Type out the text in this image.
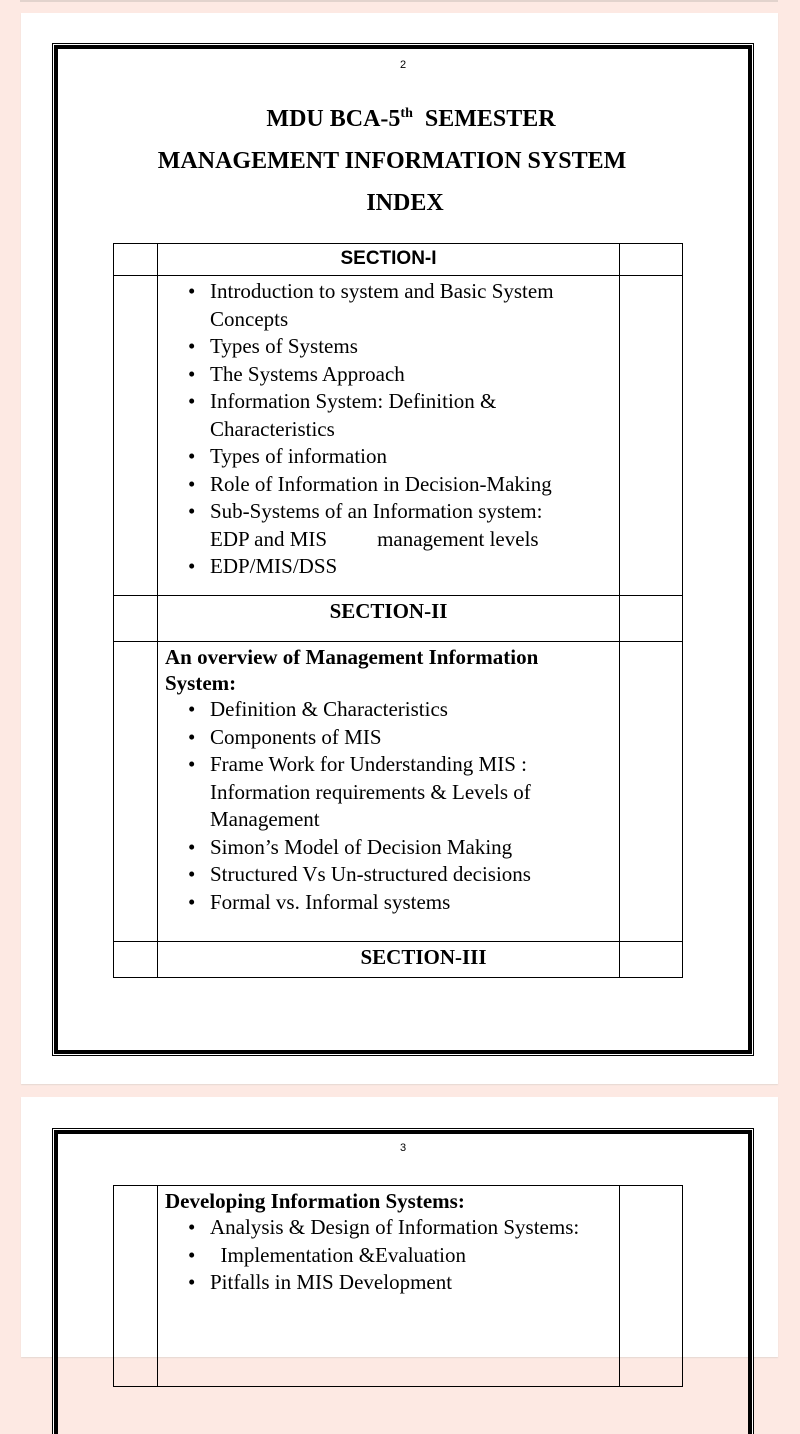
2
MDU BCA-5th  SEMESTER
MANAGEMENT INFORMATION SYSTEM
INDEX
	SECTION-I	

• Introduction to system and Basic System Concepts
• Types of Systems
• The Systems Approach
• Information System: Definition & Characteristics
• Types of information
• Role of Information in Decision-Making
• Sub-Systems of an Information system:
EDP and MIS management levels
• EDP/MIS/DSS

	SECTION-II	

An overview of Management Information System:
• Definition & Characteristics
• Components of MIS
• Frame Work for Understanding MIS : Information requirements & Levels of Management
• Simon’s Model of Decision Making
• Structured Vs Un-structured decisions
• Formal vs. Informal systems

	SECTION-III	
3

Developing Information Systems:
• Analysis & Design of Information Systems:
•   Implementation &Evaluation
• Pitfalls in MIS Development
